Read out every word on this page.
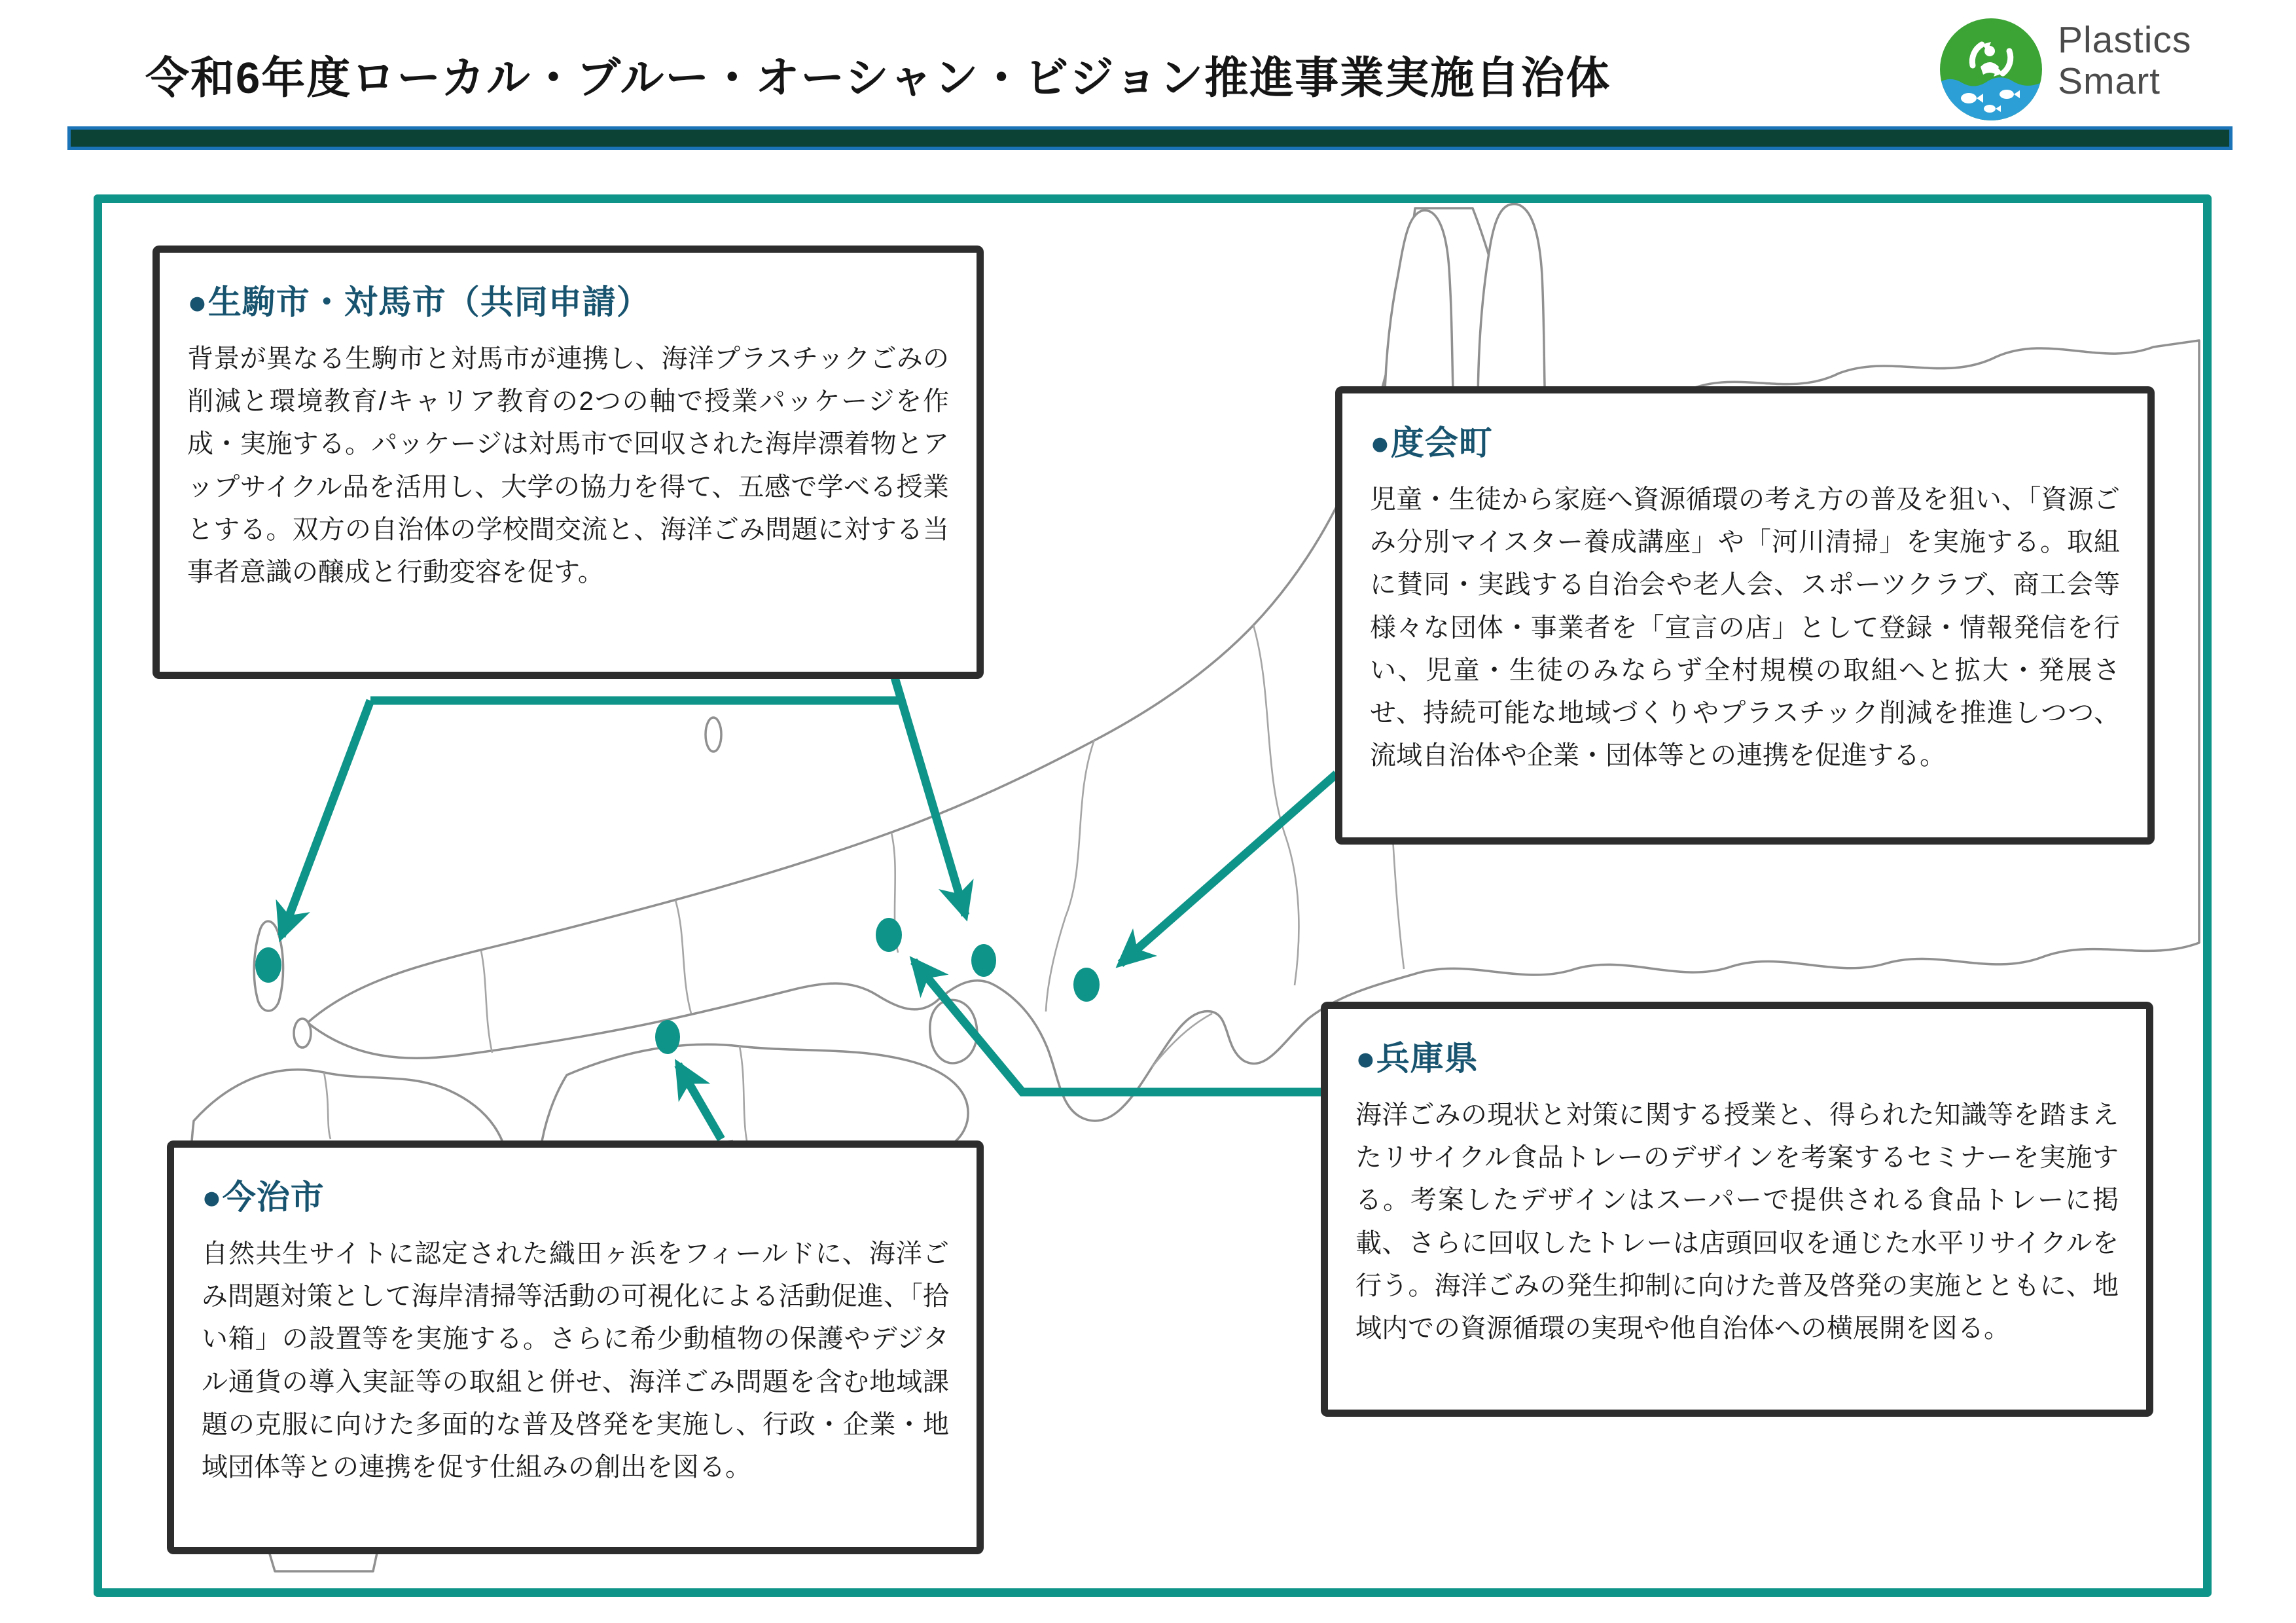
令和6年度ローカル・ブルー・オーシャン・ビジョン推進事業実施自治体
Plastics
Smart
●生駒市・対馬市（共同申請）
背景が異なる生駒市と対馬市が連携し、海洋プラスチックごみの削減と環境教育/キャリア教育の2つの軸で授業パッケージを作成・実施する。パッケージは対馬市で回収された海岸漂着物とアップサイクル品を活用し、大学の協力を得て、五感で学べる授業とする。双方の自治体の学校間交流と、海洋ごみ問題に対する当事者意識の醸成と行動変容を促す。
●度会町
児童・生徒から家庭へ資源循環の考え方の普及を狙い、「資源ごみ分別マイスター養成講座」や「河川清掃」を実施する。取組に賛同・実践する自治会や老人会、スポーツクラブ、商工会等様々な団体・事業者を「宣言の店」として登録・情報発信を行い、児童・生徒のみならず全村規模の取組へと拡大・発展させ、持続可能な地域づくりやプラスチック削減を推進しつつ、流域自治体や企業・団体等との連携を促進する。
●今治市
自然共生サイトに認定された織田ヶ浜をフィールドに、海洋ごみ問題対策として海岸清掃等活動の可視化による活動促進、「拾い箱」の設置等を実施する。さらに希少動植物の保護やデジタル通貨の導入実証等の取組と併せ、海洋ごみ問題を含む地域課題の克服に向けた多面的な普及啓発を実施し、行政・企業・地域団体等との連携を促す仕組みの創出を図る。
●兵庫県
海洋ごみの現状と対策に関する授業と、得られた知識等を踏まえたリサイクル食品トレーのデザインを考案するセミナーを実施する。考案したデザインはスーパーで提供される食品トレーに掲載、さらに回収したトレーは店頭回収を通じた水平リサイクルを行う。海洋ごみの発生抑制に向けた普及啓発の実施とともに、地域内での資源循環の実現や他自治体への横展開を図る。
